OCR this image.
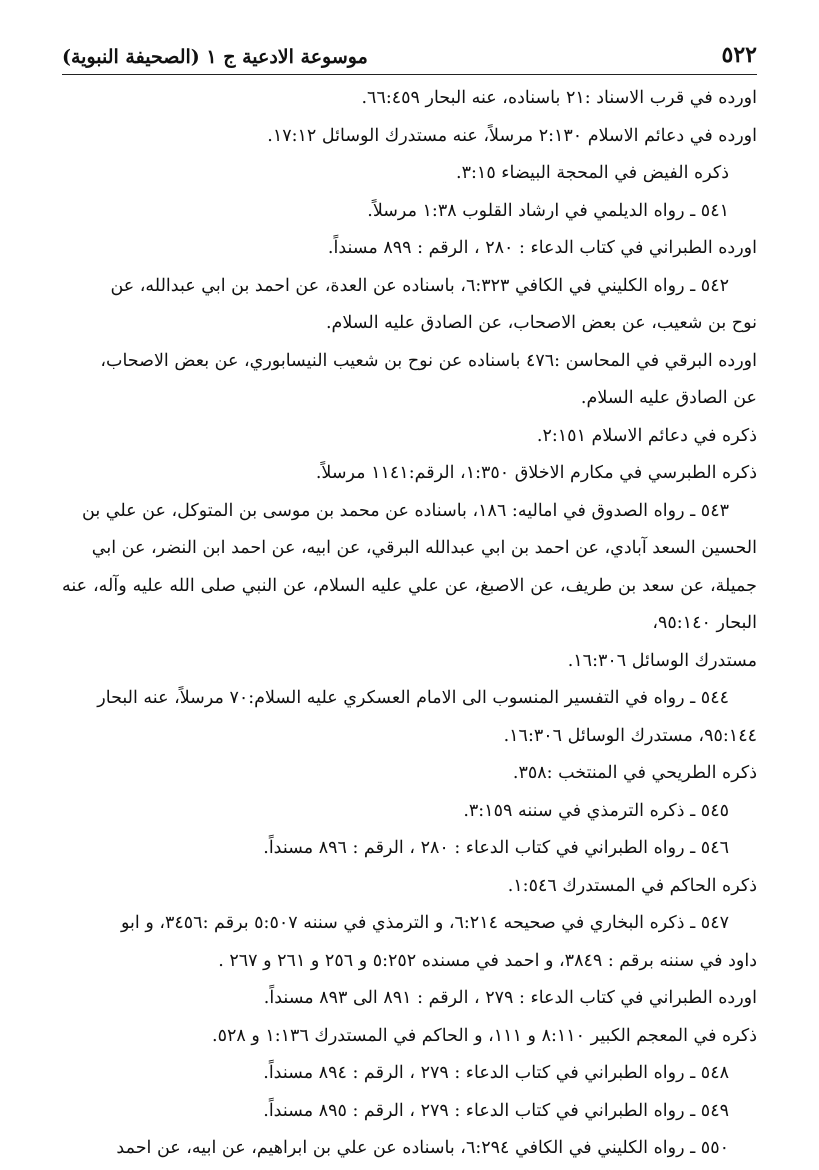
٥٢٢
موسوعة الادعية ج ١ (الصحيفة النبوية)

اورده في قرب الاسناد :٢١ باسناده، عنه البحار ٦٦:٤٥٩.

اورده في دعائم الاسلام ٢:١٣٠ مرسلاً، عنه مستدرك الوسائل ١٧:١٢.

ذكره الفيض في المحجة البيضاء ٣:١٥.

٥٤١ ـ رواه الديلمي في ارشاد القلوب ١:٣٨ مرسلاً.

اورده الطبراني في كتاب الدعاء : ٢٨٠ ، الرقم : ٨٩٩ مسنداً.

٥٤٢ ـ رواه الكليني في الكافي ٦:٣٢٣، باسناده عن العدة، عن احمد بن ابي عبدالله، عن

نوح بن شعيب، عن بعض الاصحاب، عن الصادق عليه السلام.

اورده البرقي في المحاسن :٤٧٦ باسناده عن نوح بن شعيب النيسابوري، عن بعض الاصحاب،

عن الصادق عليه السلام.

ذكره في دعائم الاسلام ٢:١٥١.

ذكره الطبرسي في مكارم الاخلاق ١:٣٥٠، الرقم:١١٤١ مرسلاً.

٥٤٣ ـ رواه الصدوق في اماليه: ١٨٦، باسناده عن محمد بن موسى بن المتوكل، عن علي بن

الحسين السعد آبادي، عن احمد بن ابي عبدالله البرقي، عن ابيه، عن احمد ابن النضر، عن ابي

جميلة، عن سعد بن طريف، عن الاصبغ، عن علي عليه السلام، عن النبي صلى الله عليه وآله، عنه البحار ٩٥:١٤٠،

مستدرك الوسائل ١٦:٣٠٦.

٥٤٤ ـ رواه في التفسير المنسوب الى الامام العسكري عليه السلام:٧٠ مرسلاً، عنه البحار

٩٥:١٤٤، مستدرك الوسائل ١٦:٣٠٦.

ذكره الطريحي في المنتخب :٣٥٨.

٥٤٥ ـ ذكره الترمذي في سننه ٣:١٥٩.

٥٤٦ ـ رواه الطبراني في كتاب الدعاء : ٢٨٠ ، الرقم : ٨٩٦ مسنداً.

ذكره الحاكم في المستدرك ١:٥٤٦.

٥٤٧ ـ ذكره البخاري في صحيحه ٦:٢١٤، و الترمذي في سننه ٥:٥٠٧ برقم :٣٤٥٦، و ابو

داود في سننه برقم : ٣٨٤٩، و احمد في مسنده ٥:٢٥٢ و ٢٥٦ و ٢٦١ و ٢٦٧ .

اورده الطبراني في كتاب الدعاء : ٢٧٩ ، الرقم : ٨٩١ الى ٨٩٣ مسنداً.

ذكره في المعجم الكبير ٨:١١٠ و ١١١، و الحاكم في المستدرك ١:١٣٦ و ٥٢٨.

٥٤٨ ـ رواه الطبراني في كتاب الدعاء : ٢٧٩ ، الرقم : ٨٩٤ مسنداً.

٥٤٩ ـ رواه الطبراني في كتاب الدعاء : ٢٧٩ ، الرقم : ٨٩٥ مسنداً.

٥٥٠ ـ رواه الكليني في الكافي ٦:٢٩٤، باسناده عن علي بن ابراهيم، عن ابيه، عن احمد
